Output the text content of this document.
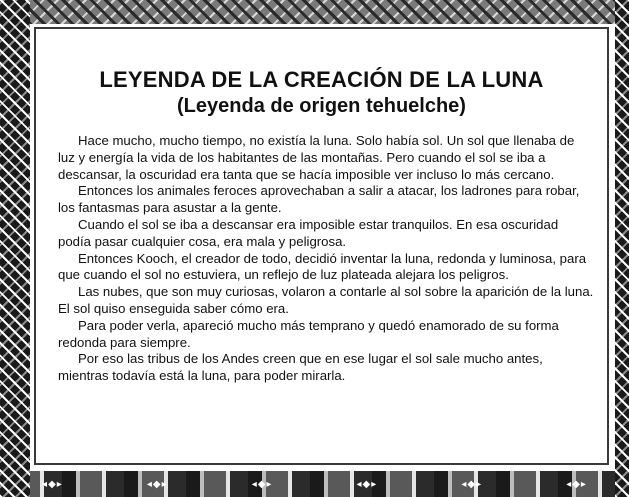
◂◆▸	◂◆▸	◂◆▸	◂◆▸	◂◆▸	◂◆▸
LEYENDA DE LA CREACIÓN DE LA LUNA
(Leyenda de origen tehuelche)

Hace mucho, mucho tiempo, no existía la luna. Solo había sol. Un sol que llenaba de luz y energía la vida de los habitantes de las montañas. Pero cuando el sol se iba a descansar, la oscuridad era tanta que se hacía imposible ver incluso lo más cercano.

Entonces los animales feroces aprovechaban a salir a atacar, los ladrones para robar, los fantasmas para asustar a la gente.

Cuando el sol se iba a descansar era imposible estar tranquilos. En esa oscuridad podía pasar cualquier cosa, era mala y peligrosa.

Entonces Kooch, el creador de todo, decidió inventar la luna, redonda y luminosa, para que cuando el sol no estuviera, un reflejo de luz plateada alejara los peligros.

Las nubes, que son muy curiosas, volaron a contarle al sol sobre la aparición de la luna. El sol quiso enseguida saber cómo era.

Para poder verla, apareció mucho más temprano y quedó enamorado de su forma redonda para siempre.

Por eso las tribus de los Andes creen que en ese lugar el sol sale mucho antes, mientras todavía está la luna, para poder mirarla.
